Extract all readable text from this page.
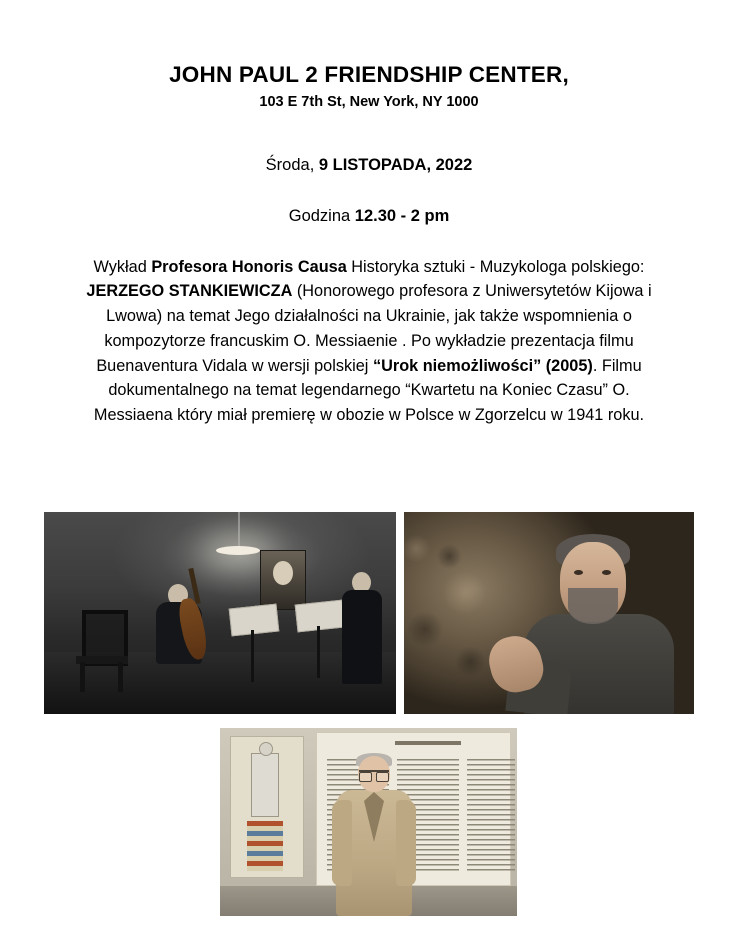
JOHN PAUL 2 FRIENDSHIP CENTER,
103 E 7th St, New York, NY 1000
Środa, 9 LISTOPADA, 2022
Godzina 12.30 - 2 pm
Wykład Profesora Honoris Causa Historyka sztuki - Muzykologa polskiego: JERZEGO STANKIEWICZA (Honorowego profesora z Uniwersytetów Kijowa i Lwowa) na temat Jego działalności na Ukrainie, jak także wspomnienia o kompozytorze francuskim O. Messiaenie . Po wykładzie prezentacja filmu Buenaventura Vidala w wersji polskiej “Urok niemożliwości” (2005). Filmu dokumentalnego na temat legendarnego “Kwartetu na Koniec Czasu” O. Messiaena który miał premierę w obozie w Polsce w Zgorzelcu w 1941 roku.
